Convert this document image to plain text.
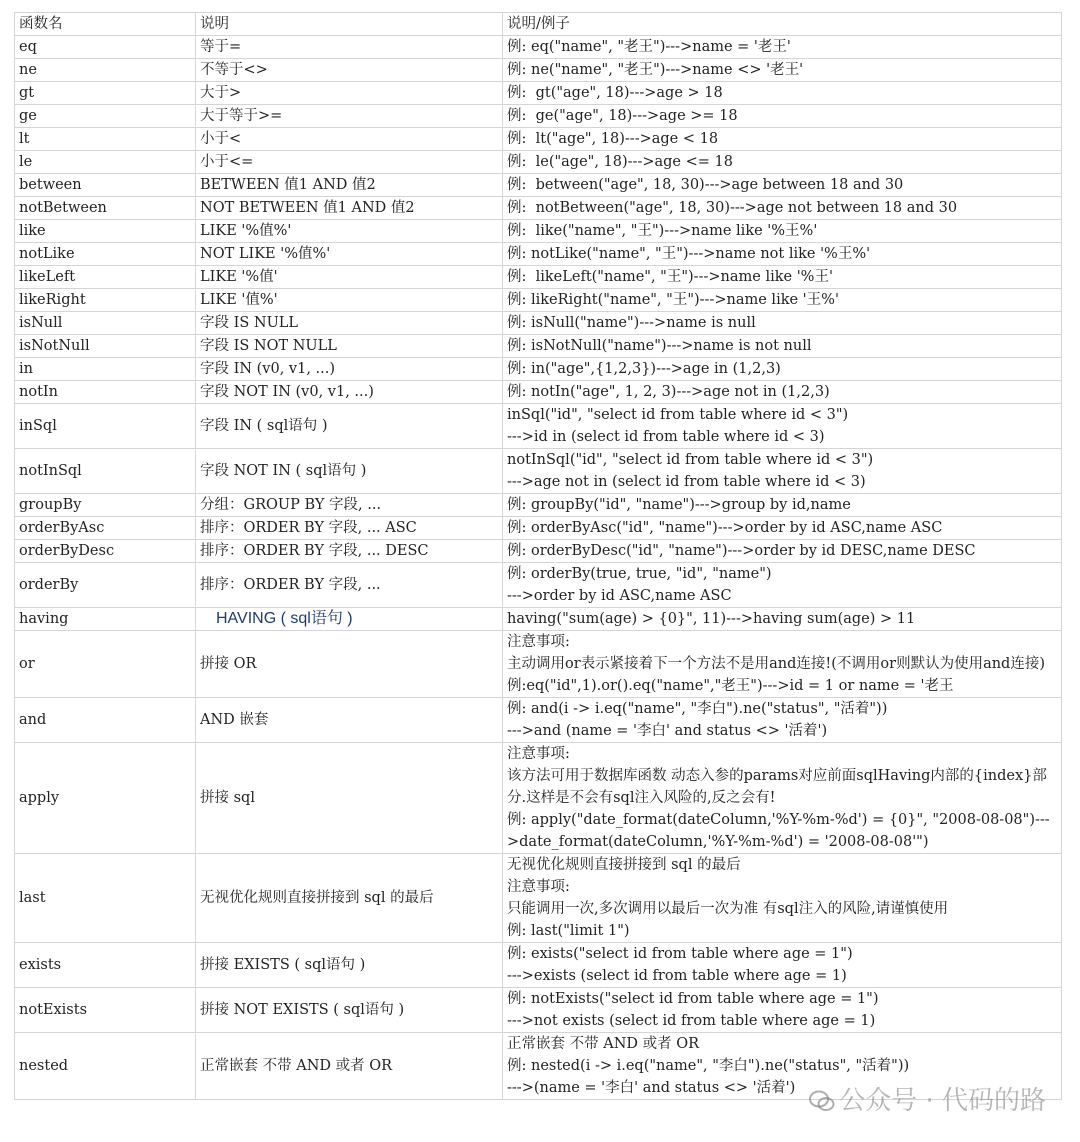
函数名	说明	说明/例子
eq	等于=	例: eq("name", "老王")--->name = '老王'

ne	不等于<>	例: ne("name", "老王")--->name <> '老王'

gt	大于>	例:  gt("age", 18)--->age > 18

ge	大于等于>=	例:  ge("age", 18)--->age >= 18

lt	小于<	例:  lt("age", 18)--->age < 18

le	小于<=	例:  le("age", 18)--->age <= 18

between	BETWEEN 值1 AND 值2	例:  between("age", 18, 30)--->age between 18 and 30

notBetween	NOT BETWEEN 值1 AND 值2	例:  notBetween("age", 18, 30)--->age not between 18 and 30

like	LIKE '%值%'	例:  like("name", "王")--->name like '%王%'

notLike	NOT LIKE '%值%'	例: notLike("name", "王")--->name not like '%王%'

likeLeft	LIKE '%值'	例:  likeLeft("name", "王")--->name like '%王'

likeRight	LIKE '值%'	例: likeRight("name", "王")--->name like '王%'

isNull	字段 IS NULL	例: isNull("name")--->name is null

isNotNull	字段 IS NOT NULL	例: isNotNull("name")--->name is not null

in	字段 IN (v0, v1, ...)	例: in("age",{1,2,3})--->age in (1,2,3)

notIn	字段 NOT IN (v0, v1, ...)	例: notIn("age", 1, 2, 3)--->age not in (1,2,3)

inSql	字段 IN ( sql语句 )	inSql("id", "select id from table where id < 3")
--->id in (select id from table where id < 3)

notInSql	字段 NOT IN ( sql语句 )	notInSql("id", "select id from table where id < 3")
--->age not in (select id from table where id < 3)

groupBy	分组：GROUP BY 字段, ...	例: groupBy("id", "name")--->group by id,name

orderByAsc	排序：ORDER BY 字段, ... ASC	例: orderByAsc("id", "name")--->order by id ASC,name ASC

orderByDesc	排序：ORDER BY 字段, ... DESC	例: orderByDesc("id", "name")--->order by id DESC,name DESC

orderBy	排序：ORDER BY 字段, ...	例: orderBy(true, true, "id", "name")
--->order by id ASC,name ASC

having	HAVING ( sql语句 )	having("sum(age) > {0}", 11)--->having sum(age) > 11

or	拼接 OR	注意事项:
主动调用or表示紧接着下一个方法不是用and连接!(不调用or则默认为使用and连接)
例:eq("id",1).or().eq("name","老王")--->id = 1 or name = '老王

and	AND 嵌套	例: and(i -> i.eq("name", "李白").ne("status", "活着"))
--->and (name = '李白' and status <> '活着')

apply	拼接 sql	注意事项:
该方法可用于数据库函数 动态入参的params对应前面sqlHaving内部的{index}部分.这样是不会有sql注入风险的,反之会有!
例: apply("date_format(dateColumn,'%Y-%m-%d') = {0}", "2008-08-08")--->date_format(dateColumn,'%Y-%m-%d') = '2008-08-08'")

last	无视优化规则直接拼接到 sql 的最后	无视优化规则直接拼接到 sql 的最后
注意事项:
只能调用一次,多次调用以最后一次为准 有sql注入的风险,请谨慎使用
例: last("limit 1")

exists	拼接 EXISTS ( sql语句 )	例: exists("select id from table where age = 1")
--->exists (select id from table where age = 1)

notExists	拼接 NOT EXISTS ( sql语句 )	例: notExists("select id from table where age = 1")
--->not exists (select id from table where age = 1)

nested	正常嵌套 不带 AND 或者 OR	正常嵌套 不带 AND 或者 OR
例: nested(i -> i.eq("name", "李白").ne("status", "活着"))
--->(name = '李白' and status <> '活着')	公众号 · 代码的路
